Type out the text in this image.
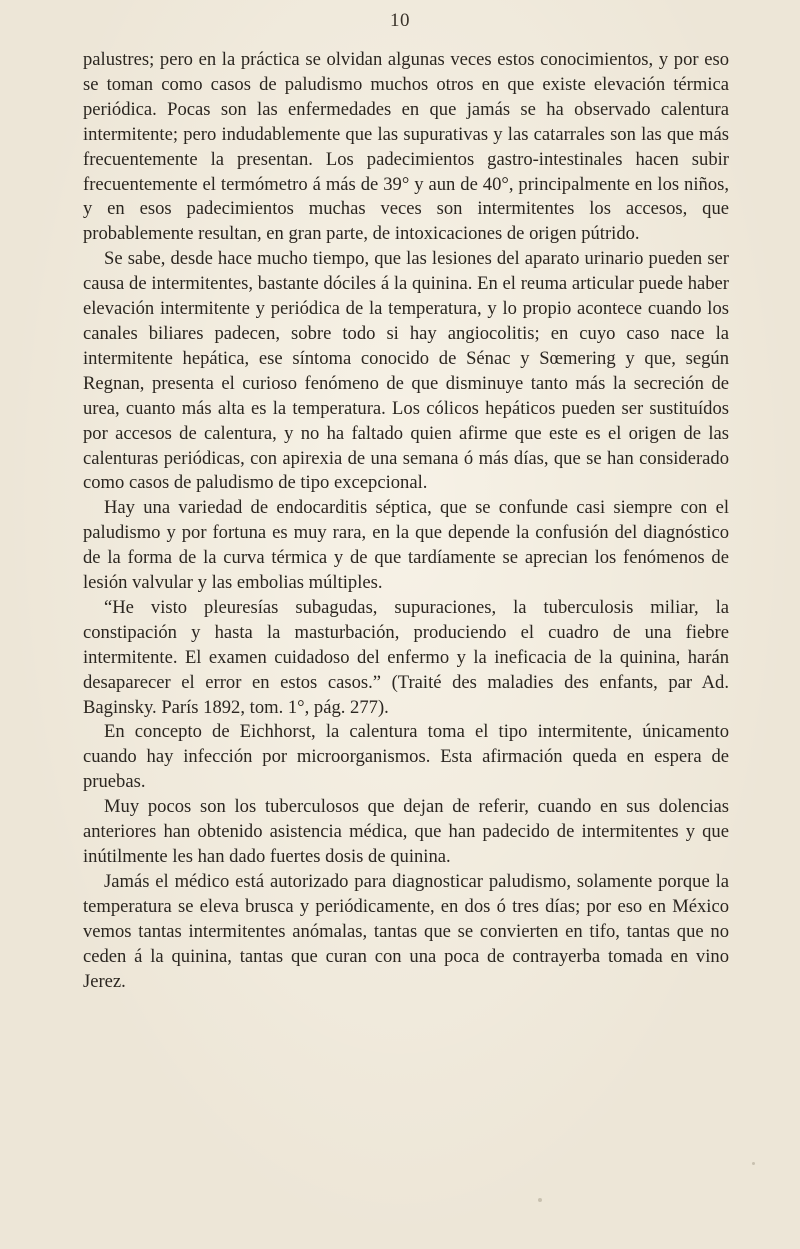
10

palustres; pero en la práctica se olvidan algunas veces estos conocimientos, y por eso se toman como casos de paludismo muchos otros en que existe elevación térmica periódica. Pocas son las enfermedades en que jamás se ha observado calentura intermitente; pero indudablemente que las supurativas y las catarrales son las que más frecuentemente la presentan. Los padecimientos gastro-intestinales hacen subir frecuentemente el termómetro á más de 39° y aun de 40°, principalmente en los niños, y en esos padecimientos muchas veces son intermitentes los accesos, que probablemente resultan, en gran parte, de intoxicaciones de origen pútrido.

Se sabe, desde hace mucho tiempo, que las lesiones del aparato urinario pueden ser causa de intermitentes, bastante dóciles á la quinina. En el reuma articular puede haber elevación intermitente y periódica de la temperatura, y lo propio acontece cuando los canales biliares padecen, sobre todo si hay angiocolitis; en cuyo caso nace la intermitente hepática, ese síntoma conocido de Sénac y Sœmering y que, según Regnan, presenta el curioso fenómeno de que disminuye tanto más la secreción de urea, cuanto más alta es la temperatura. Los cólicos hepáticos pueden ser sustituídos por accesos de calentura, y no ha faltado quien afirme que este es el origen de las calenturas periódicas, con apirexia de una semana ó más días, que se han considerado como casos de paludismo de tipo excepcional.

Hay una variedad de endocarditis séptica, que se confunde casi siempre con el paludismo y por fortuna es muy rara, en la que depende la confusión del diagnóstico de la forma de la curva térmica y de que tardíamente se aprecian los fenómenos de lesión valvular y las embolias múltiples.

“He visto pleuresías subagudas, supuraciones, la tuberculosis miliar, la constipación y hasta la masturbación, produciendo el cuadro de una fiebre intermitente. El examen cuidadoso del enfermo y la ineficacia de la quinina, harán desaparecer el error en estos casos.” (Traité des maladies des enfants, par Ad. Baginsky. París 1892, tom. 1°, pág. 277).

En concepto de Eichhorst, la calentura toma el tipo intermitente, únicamento cuando hay infección por microorganismos. Esta afirmación queda en espera de pruebas.

Muy pocos son los tuberculosos que dejan de referir, cuando en sus dolencias anteriores han obtenido asistencia médica, que han padecido de intermitentes y que inútilmente les han dado fuertes dosis de quinina.

Jamás el médico está autorizado para diagnosticar paludismo, solamente porque la temperatura se eleva brusca y periódicamente, en dos ó tres días; por eso en México vemos tantas intermitentes anómalas, tantas que se convierten en tifo, tantas que no ceden á la quinina, tantas que curan con una poca de contrayerba tomada en vino Jerez.
